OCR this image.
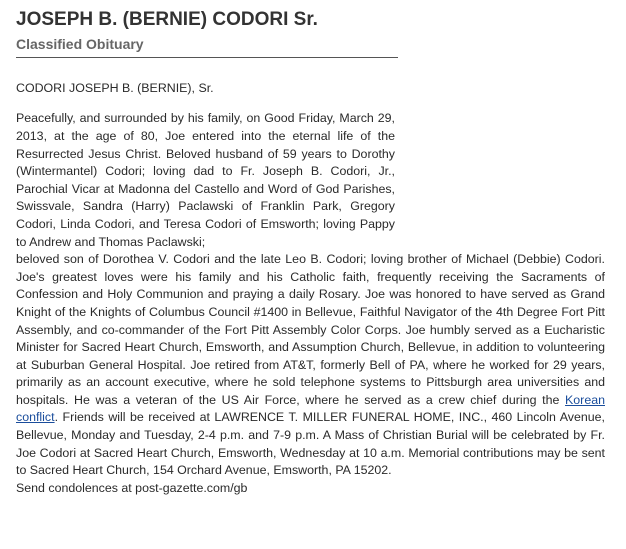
JOSEPH B. (BERNIE) CODORI Sr.
Classified Obituary

CODORI JOSEPH B. (BERNIE), Sr.

Peacefully, and surrounded by his family, on Good Friday, March 29, 2013, at the age of 80, Joe entered into the eternal life of the Resurrected Jesus Christ. Beloved husband of 59 years to Dorothy (Wintermantel) Codori; loving dad to Fr. Joseph B. Codori, Jr., Parochial Vicar at Madonna del Castello and Word of God Parishes, Swissvale, Sandra (Harry) Paclawski of Franklin Park, Gregory Codori, Linda Codori, and Teresa Codori of Emsworth; loving Pappy to Andrew and Thomas Paclawski;

beloved son of Dorothea V. Codori and the late Leo B. Codori; loving brother of Michael (Debbie) Codori. Joe's greatest loves were his family and his Catholic faith, frequently receiving the Sacraments of Confession and Holy Communion and praying a daily Rosary. Joe was honored to have served as Grand Knight of the Knights of Columbus Council #1400 in Bellevue, Faithful Navigator of the 4th Degree Fort Pitt Assembly, and co-commander of the Fort Pitt Assembly Color Corps. Joe humbly served as a Eucharistic Minister for Sacred Heart Church, Emsworth, and Assumption Church, Bellevue, in addition to volunteering at Suburban General Hospital. Joe retired from AT&T, formerly Bell of PA, where he worked for 29 years, primarily as an account executive, where he sold telephone systems to Pittsburgh area universities and hospitals. He was a veteran of the US Air Force, where he served as a crew chief during the Korean conflict. Friends will be received at LAWRENCE T. MILLER FUNERAL HOME, INC., 460 Lincoln Avenue, Bellevue, Monday and Tuesday, 2-4 p.m. and 7-9 p.m. A Mass of Christian Burial will be celebrated by Fr. Joe Codori at Sacred Heart Church, Emsworth, Wednesday at 10 a.m. Memorial contributions may be sent to Sacred Heart Church, 154 Orchard Avenue, Emsworth, PA 15202.

Send condolences at post-gazette.com/gb
